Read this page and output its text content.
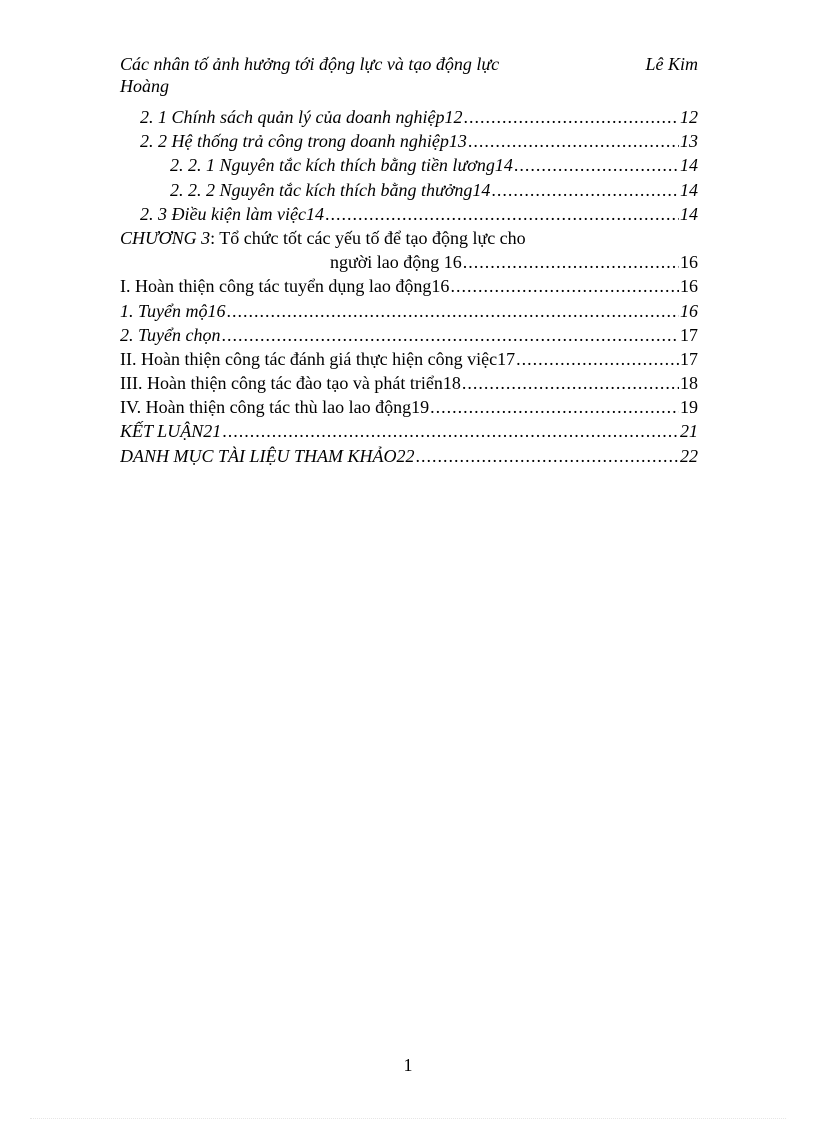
Các nhân tố ảnh hưởng tới động lực và tạo động lực	Lê Kim
Hoàng
2. 1 Chính sách quản lý của doanh nghiệp12 .....	12
2. 2 Hệ thống trả công trong doanh nghiệp13 .....	13
2. 2. 1 Nguyên tắc kích thích bằng tiền lương14 .....	14
2. 2. 2 Nguyên tắc kích thích bằng thưởng14 .....	14
2. 3 Điều kiện làm việc14 .....	14
CHƯƠNG 3: Tổ chức tốt các yếu tố để tạo động lực cho
người lao động 16 .....	16
I. Hoàn thiện công tác tuyển dụng lao động16 .....	16
1. Tuyển mộ16 .....	16
2. Tuyển chọn .....	17
II. Hoàn thiện công tác đánh giá thực hiện công việc17 .....	17
III. Hoàn thiện công tác đào tạo và phát triển18 .....	18
IV. Hoàn thiện công tác thù lao lao động19 .....	19
KẾT LUẬN21 .....	21
DANH MỤC TÀI LIỆU THAM KHẢO22 .....	22
1
